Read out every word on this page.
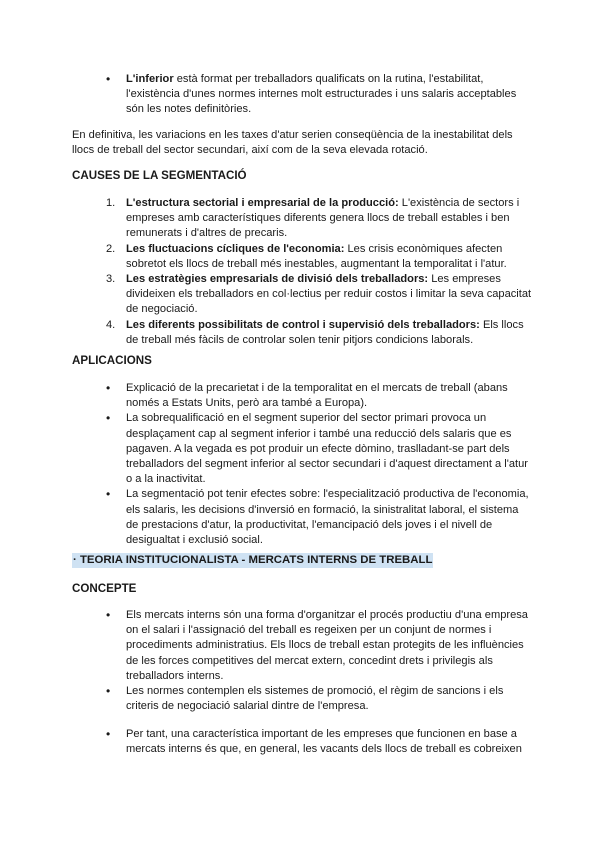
• L'inferior està format per treballadors qualificats on la rutina, l'estabilitat, l'existència d'unes normes internes molt estructurades i uns salaris acceptables són les notes definitòries.

En definitiva, les variacions en les taxes d'atur serien conseqüència de la inestabilitat dels llocs de treball del sector secundari, així com de la seva elevada rotació.

CAUSES DE LA SEGMENTACIÓ
1. L'estructura sectorial i empresarial de la producció: L'existència de sectors i empreses amb característiques diferents genera llocs de treball estables i ben remunerats i d'altres de precaris.
2. Les fluctuacions cícliques de l'economia: Les crisis econòmiques afecten sobretot els llocs de treball més inestables, augmentant la temporalitat i l'atur.
3. Les estratègies empresarials de divisió dels treballadors: Les empreses divideixen els treballadors en col·lectius per reduir costos i limitar la seva capacitat de negociació.
4. Les diferents possibilitats de control i supervisió dels treballadors: Els llocs de treball més fàcils de controlar solen tenir pitjors condicions laborals.
APLICACIONS
• Explicació de la precarietat i de la temporalitat en el mercats de treball (abans només a Estats Units, però ara també a Europa).
• La sobrequalificació en el segment superior del sector primari provoca un desplaçament cap al segment inferior i també una reducció dels salaris que es pagaven. A la vegada es pot produir un efecte dòmino, traslladant-se part dels treballadors del segment inferior al sector secundari i d'aquest directament a l'atur o a la inactivitat.
• La segmentació pot tenir efectes sobre: l'especialització productiva de l'economia, els salaris, les decisions d'inversió en formació, la sinistralitat laboral, el sistema de prestacions d'atur, la productivitat, l'emancipació dels joves i el nivell de desigualtat i exclusió social.
· TEORIA INSTITUCIONALISTA - MERCATS INTERNS DE TREBALL
CONCEPTE
• Els mercats interns són una forma d'organitzar el procés productiu d'una empresa on el salari i l'assignació del treball es regeixen per un conjunt de normes i procediments administratius. Els llocs de treball estan protegits de les influències de les forces competitives del mercat extern, concedint drets i privilegis als treballadors interns.
• Les normes contemplen els sistemes de promoció, el règim de sancions i els criteris de negociació salarial dintre de l'empresa.
• Per tant, una característica important de les empreses que funcionen en base a mercats interns és que, en general, les vacants dels llocs de treball es cobreixen
